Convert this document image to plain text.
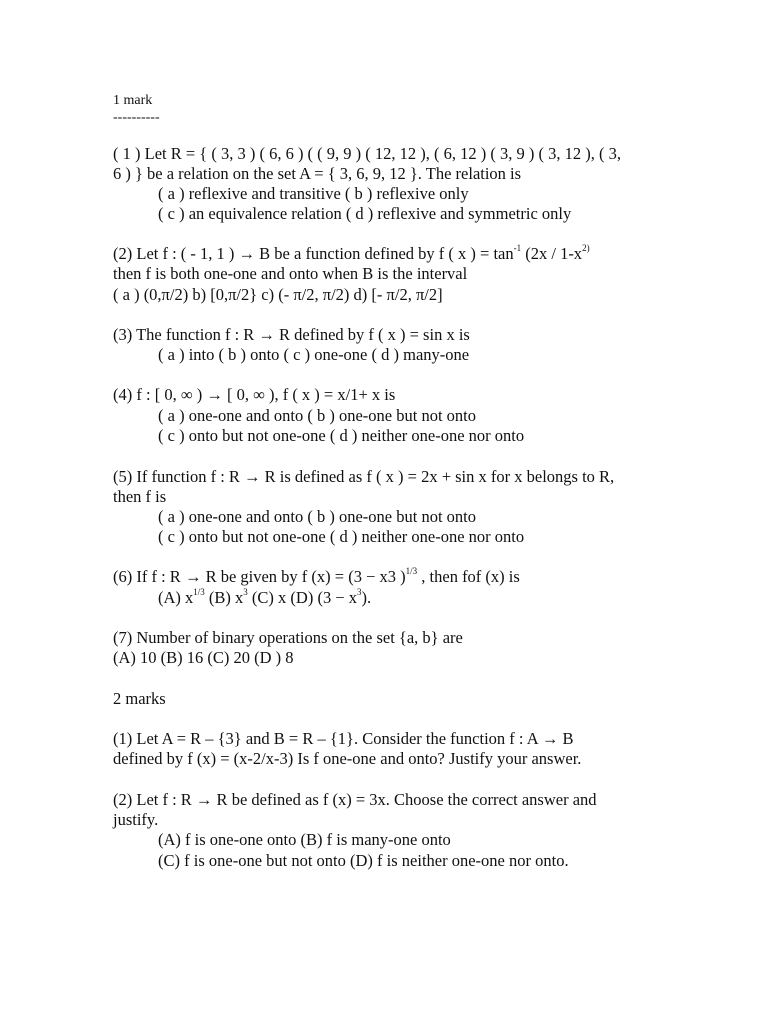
1 mark
----------
( 1 ) Let R = { ( 3, 3 ) ( 6, 6 ) ( ( 9, 9 ) ( 12, 12 ), ( 6, 12 ) ( 3, 9 ) ( 3, 12 ), ( 3,
6 ) } be a relation on the set A = { 3, 6, 9, 12 }. The relation is
( a ) reflexive and transitive ( b ) reflexive only
( c ) an equivalence relation ( d ) reflexive and symmetric only
(2) Let f : ( - 1, 1 ) → B be a function defined by f ( x ) = $\tan^{-1} (2x / 1-x^{2)}$
then f is both one-one and onto when B is the interval
( a ) (0,π/2) b) [0,π/2} c) (- π/2, π/2) d) [- π/2, π/2]
(3) The function f : R → R defined by f ( x ) = sin x is
( a ) into ( b ) onto ( c ) one-one ( d ) many-one
(4) f : [ 0, ∞ ) → [ 0, ∞ ), f ( x ) = x/1+ x is
( a ) one-one and onto ( b ) one-one but not onto
( c ) onto but not one-one ( d ) neither one-one nor onto
(5) If function f : R → R is defined as f ( x ) = 2x + sin x for x belongs to R,
then f is
( a ) one-one and onto ( b ) one-one but not onto
( c ) onto but not one-one ( d ) neither one-one nor onto
(6) If f : R → R be given by f (x) = (3 − x3 )$^{1/3}$ , then fof (x) is
(A) $x^{1/3}$ (B) $x^3$ (C) x (D) $(3 - x^3)$.
(7) Number of binary operations on the set {a, b} are
(A) 10 (B) 16 (C) 20 (D ) 8
2 marks
(1) Let A = R – {3} and B = R – {1}. Consider the function f : A → B
defined by f (x) = (x-2/x-3) Is f one-one and onto? Justify your answer.
(2) Let f : R → R be defined as f (x) = 3x. Choose the correct answer and
justify.
(A) f is one-one onto (B) f is many-one onto
(C) f is one-one but not onto (D) f is neither one-one nor onto.
